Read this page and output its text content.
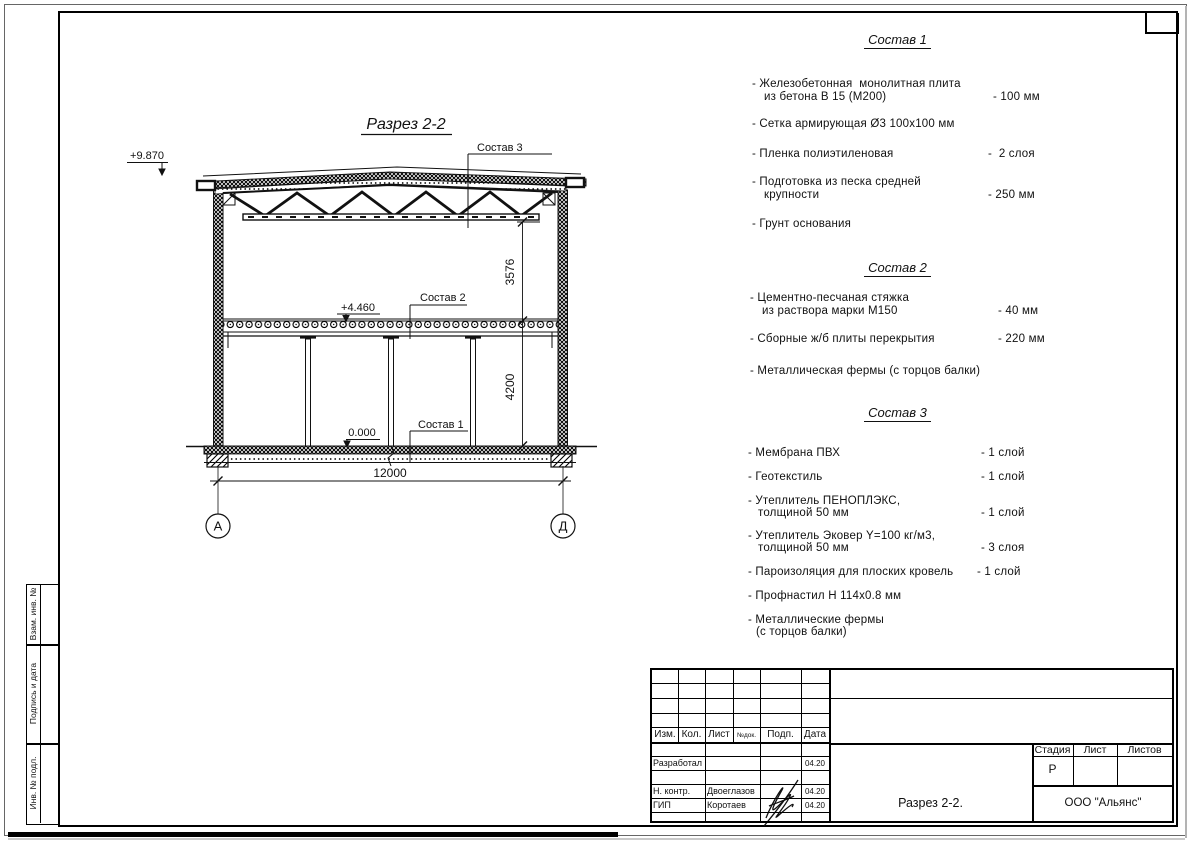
Разрез 2-2
Состав 3
Состав 2
Состав 1
+9.870
+4.460
0.000
3576
4200
12000
А	Д
Состав 1
- Железобетонная  монолитная плита
из бетона В 15 (М200)	- 100 мм
- Сетка армирующая Ø3 100х100 мм
- Пленка полиэтиленовая	-  2 слоя
- Подготовка из песка средней
крупности	- 250 мм
- Грунт основания
Состав 2
- Цементно-песчаная стяжка
из раствора марки М150	- 40 мм
- Сборные ж/б плиты перекрытия	- 220 мм
- Металлическая фермы (с торцов балки)
Состав 3
- Мембрана ПВХ	- 1 слой
- Геотекстиль	- 1 слой
- Утеплитель ПЕНОПЛЭКС,
толщиной 50 мм	- 1 слой
- Утеплитель Эковер Y=100 кг/м3,
толщиной 50 мм	- 3 слоя
- Пароизоляция для плоских кровель - 1 слой
- Профнастил Н 114х0.8 мм
- Металлические фермы
(с торцов балки)
Изм. Кол. Лист	№док.	Подп.	Дата
Разработал	04.20
Н. контр. Двоеглазов	04.20
ГИП	Коротаев	04.20	Разрез 2-2.	ООО "Альянс"
Стадия	Лист	Листов
Р
Взам. инв. №
Подпись и дата
Инв. № подл.
